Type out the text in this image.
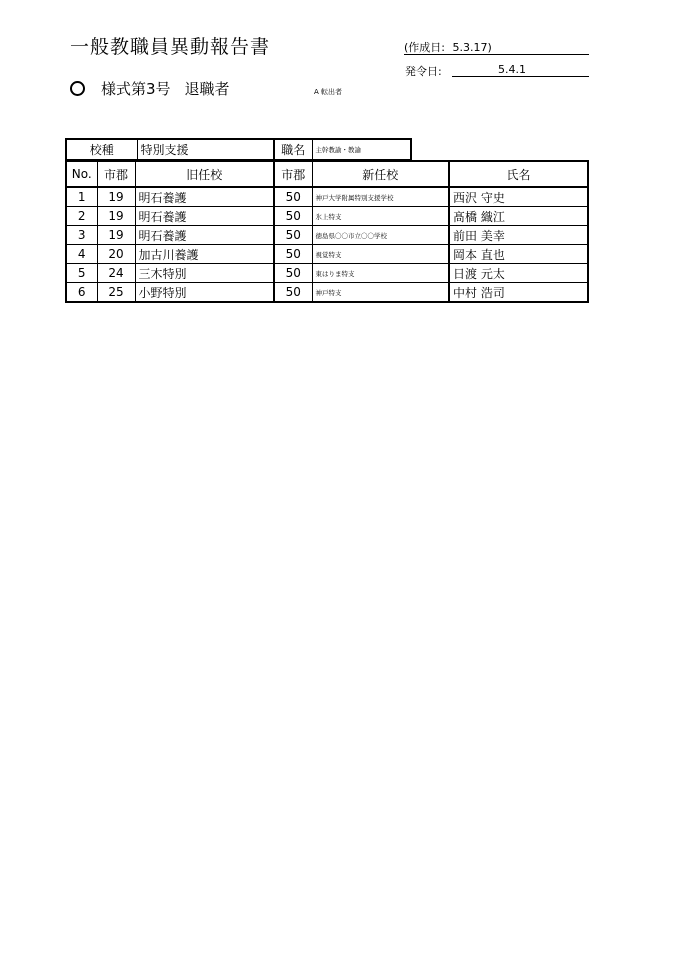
一般教職員異動報告書	(作成日: 5.3.17)
発令日:	5.4.1
様式第3号 退職者	A 転出者
校種	特別支援	職名	主幹教諭・教諭
No.	市郡	旧任校	市郡	新任校	氏名
1	19	明石養護	50	神戸大学附属特別支援学校	西沢 守史
2	19	明石養護	50	氷上特支	髙橋 織江
3	19	明石養護	50	徳島県〇〇市立〇〇学校	前田 美幸
4	20	加古川養護	50	視覚特支	岡本 直也
5	24	三木特別	50	東はりま特支	日渡 元太
6	25	小野特別	50	神戸特支	中村 浩司
